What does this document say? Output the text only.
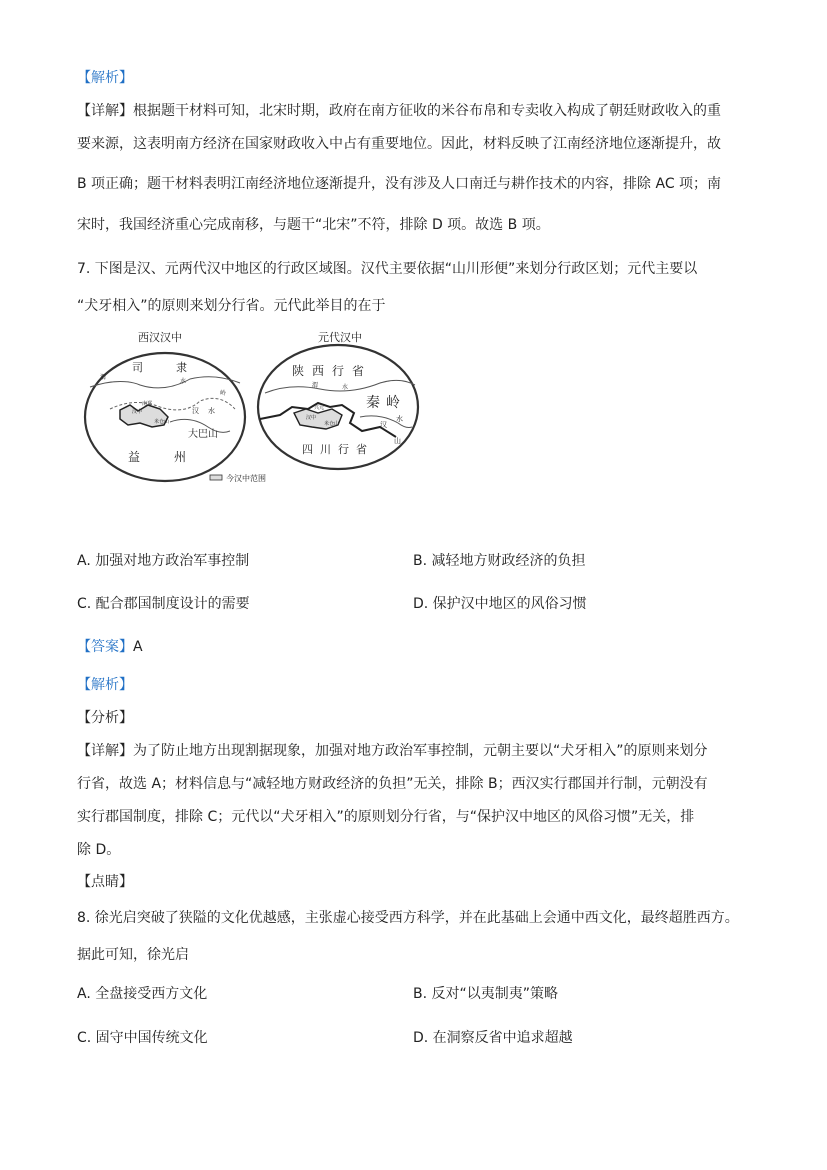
【解析】
【详解】根据题干材料可知，北宋时期，政府在南方征收的米谷布帛和专卖收入构成了朝廷财政收入的重
要来源，这表明南方经济在国家财政收入中占有重要地位。因此，材料反映了江南经济地位逐渐提升，故
B 项正确；题干材料表明江南经济地位逐渐提升，没有涉及人口南迁与耕作技术的内容，排除 AC 项；南
宋时，我国经济重心完成南移，与题干“北宋”不符，排除 D 项。故选 B 项。
7. 下图是汉、元两代汉中地区的行政区域图。汉代主要依据“山川形便”来划分行政区划；元代主要以
“犬牙相入”的原则来划分行省。元代此举目的在于
西汉汉中
司	隶
渭
水
岭
南郑
汉中
米仓山
汉 水
大巴山
益	州
元代汉中
陕 西 行 省
渭	水
秦 岭
兴元
汉中
米仓山	汉
水
四 川 行 省
山
今汉中范围
A. 加强对地方政治军事控制	B. 减轻地方财政经济的负担
C. 配合郡国制度设计的需要	D. 保护汉中地区的风俗习惯
【答案】A
【解析】
【分析】
【详解】为了防止地方出现割据现象，加强对地方政治军事控制，元朝主要以“犬牙相入”的原则来划分
行省，故选 A；材料信息与“减轻地方财政经济的负担”无关，排除 B；西汉实行郡国并行制，元朝没有
实行郡国制度，排除 C；元代以“犬牙相入”的原则划分行省，与“保护汉中地区的风俗习惯”无关，排
除 D。
【点睛】
8. 徐光启突破了狭隘的文化优越感，主张虚心接受西方科学，并在此基础上会通中西文化，最终超胜西方。
据此可知，徐光启
A. 全盘接受西方文化	B. 反对“以夷制夷”策略
C. 固守中国传统文化	D. 在洞察反省中追求超越
